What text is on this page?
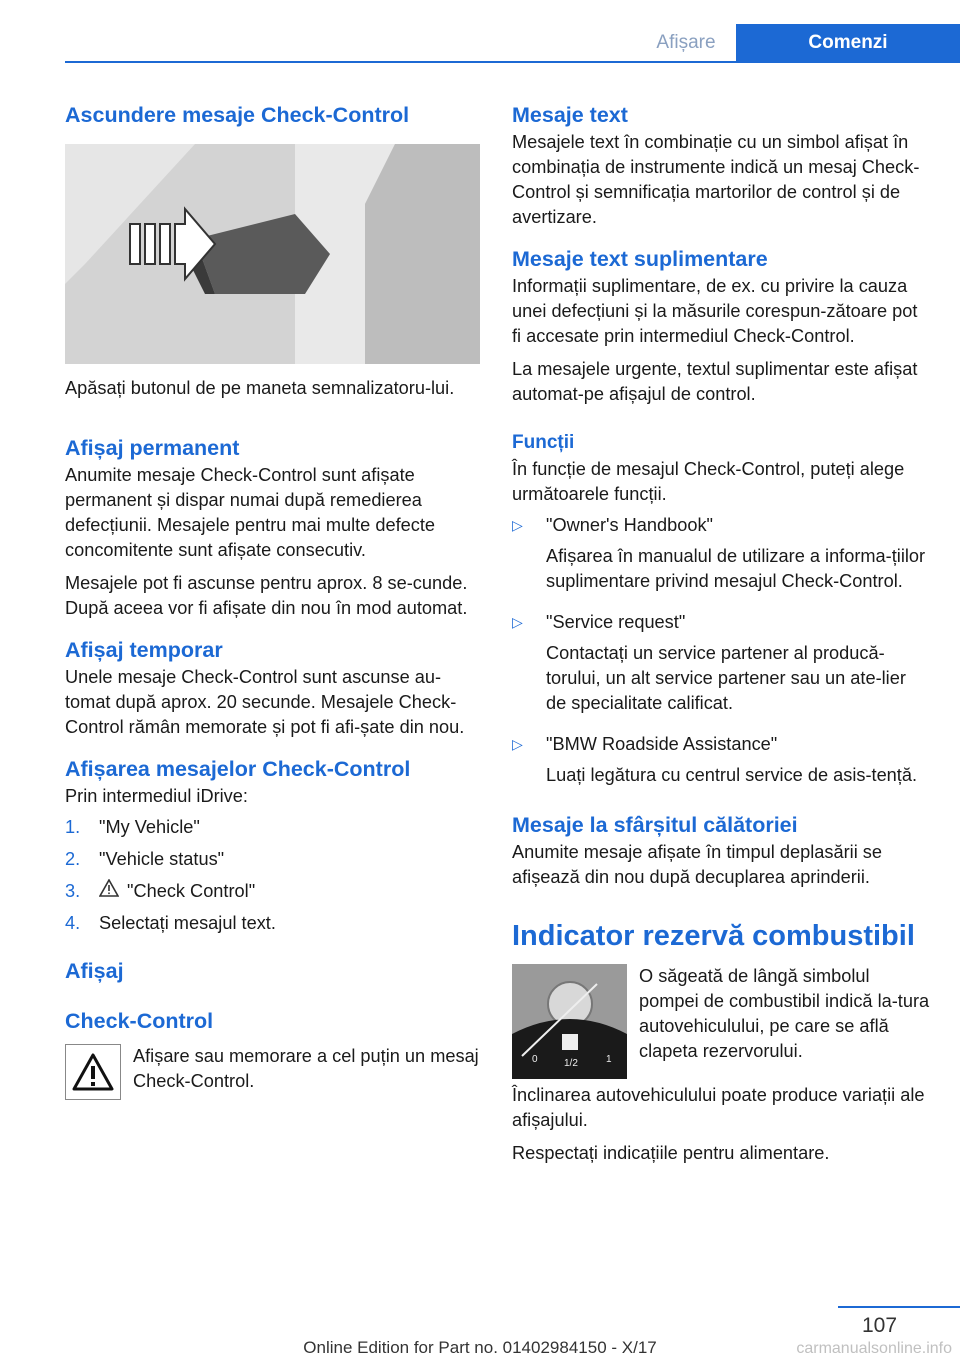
Afișare	Comenzi
Ascundere mesaje Check-Control

Apăsați butonul de pe maneta semnalizatoru-lui.

Afișaj permanent

Anumite mesaje Check-Control sunt afișate permanent și dispar numai după remedierea defecțiunii. Mesajele pentru mai multe defecte concomitente sunt afișate consecutiv.

Mesajele pot fi ascunse pentru aprox. 8 se-cunde. După aceea vor fi afișate din nou în mod automat.

Afișaj temporar

Unele mesaje Check-Control sunt ascunse au-tomat după aprox. 20 secunde. Mesajele Check-Control rămân memorate și pot fi afi-șate din nou.

Afișarea mesajelor Check-Control

Prin intermediul iDrive:

1.	"My Vehicle"
2.	"Vehicle status"
3.	"Check Control"
4.	Selectați mesajul text.
Afișaj
Check-Control

Afișare sau memorare a cel puțin un mesaj Check-Control.

Mesaje text

Mesajele text în combinație cu un simbol afișat în combinația de instrumente indică un mesaj Check-Control și semnificația martorilor de control și de avertizare.

Mesaje text suplimentare

Informații suplimentare, de ex. cu privire la cauza unei defecțiuni și la măsurile corespun-zătoare pot fi accesate prin intermediul Check-Control.

La mesajele urgente, textul suplimentar este afișat automat-pe afișajul de control.

Funcții

În funcție de mesajul Check-Control, puteți alege următoarele funcții.

▷	"Owner's Handbook"

Afișarea în manualul de utilizare a informa-țiilor suplimentare privind mesajul Check-Control.

▷	"Service request"

Contactați un service partener al producă-torului, un alt service partener sau un ate-lier de specialitate calificat.

▷	"BMW Roadside Assistance"

Luați legătura cu centrul service de asis-tență.

Mesaje la sfârșitul călătoriei

Anumite mesaje afișate în timpul deplasării se afișează din nou după decuplarea aprinderii.

Indicator rezervă combustibil
0	1/2	1

O săgeată de lângă simbolul pompei de combustibil indică la-tura autovehiculului, pe care se află clapeta rezervorului.

Înclinarea autovehiculului poate produce variații ale afișajului.

Respectați indicațiile pentru alimentare.

107
Online Edition for Part no. 01402984150 - X/17	carmanualsonline.info
